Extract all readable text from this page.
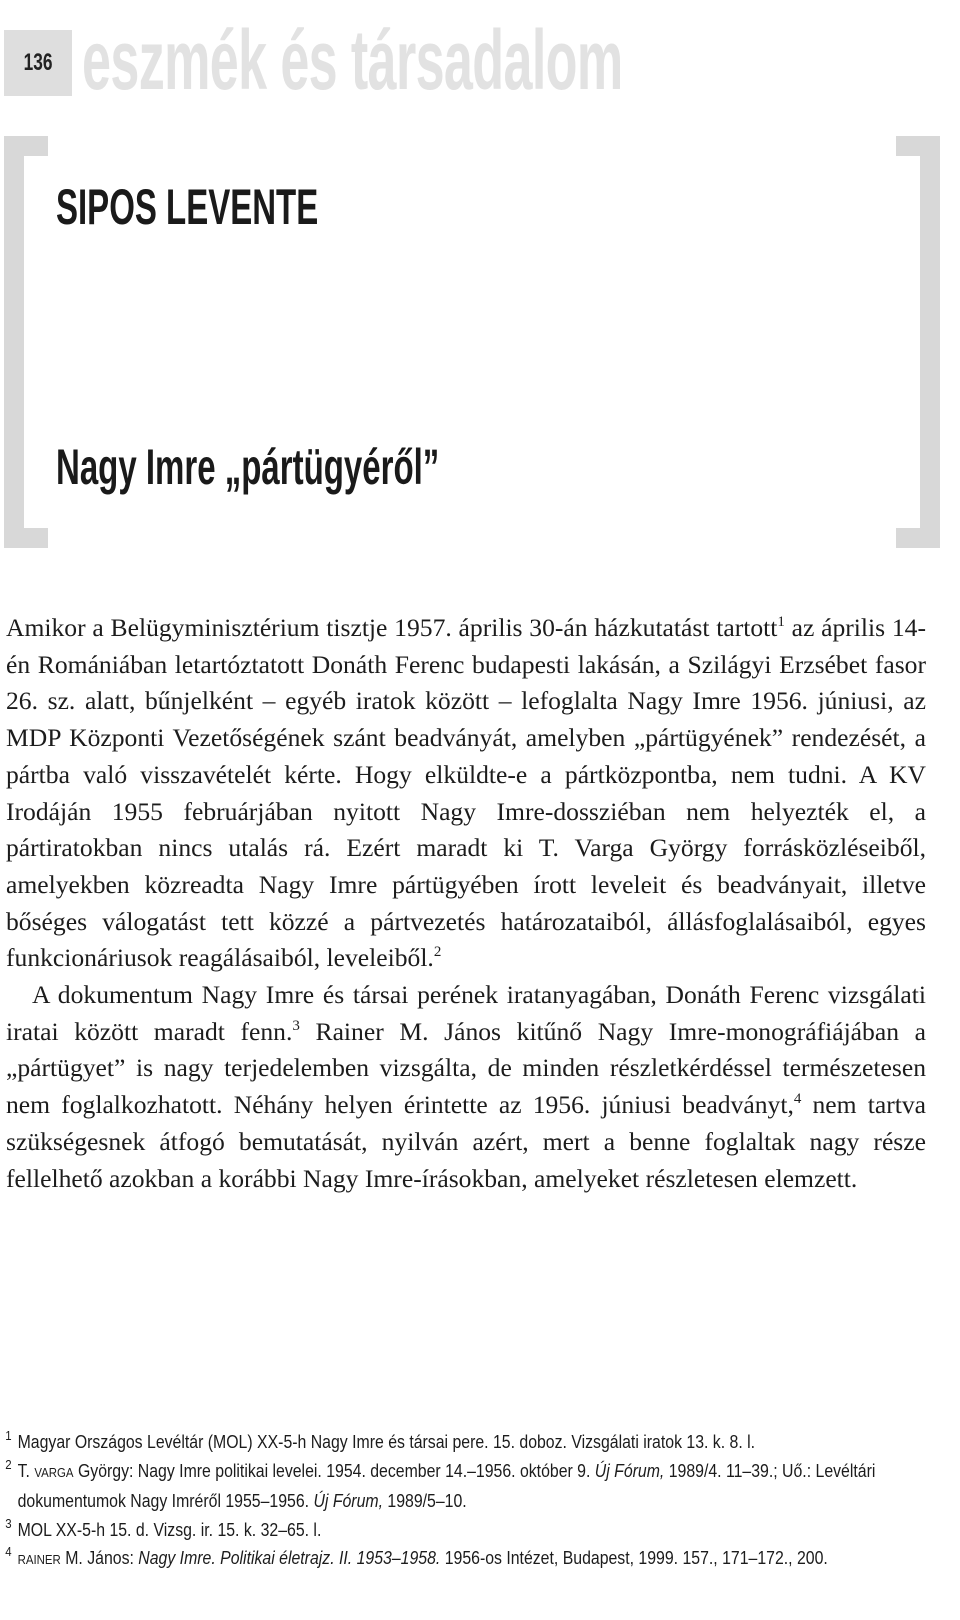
136 eszmék és társadalom
SIPOS LEVENTE
Nagy Imre „pártügyéről”

Amikor a Belügyminisztérium tisztje 1957. április 30-án házkutatást tartott$^1$ az április 14-én Romániában letartóztatott Donáth Ferenc budapesti lakásán, a Szilágyi Erzsébet fasor 26. sz. alatt, bűnjelként – egyéb iratok között – lefoglalta Nagy Imre 1956. júniusi, az MDP Központi Vezetőségének szánt beadványát, amelyben „pártügyének” rendezését, a pártba való visszavételét kérte. Hogy elküldte-e a pártközpontba, nem tudni. A KV Irodáján 1955 februárjában nyitott Nagy Imre-dossziéban nem helyezték el, a pártiratokban nincs utalás rá. Ezért maradt ki T. Varga György forrásközléseiből, amelyekben közreadta Nagy Imre pártügyében írott leveleit és beadványait, illetve bőséges válogatást tett közzé a pártvezetés határozataiból, állásfoglalásaiból, egyes funkcionáriusok reagálásaiból, leveleiből.$^2$

A dokumentum Nagy Imre és társai perének iratanyagában, Donáth Ferenc vizsgálati iratai között maradt fenn.$^3$ Rainer M. János kitűnő Nagy Imre-monográfiájában a „pártügyet” is nagy terjedelemben vizsgálta, de minden részletkérdéssel természetesen nem foglalkozhatott. Néhány helyen érintette az 1956. júniusi beadványt,$^4$ nem tartva szükségesnek átfogó bemutatását, nyilván azért, mert a benne foglaltak nagy része fellelhető azokban a korábbi Nagy Imre-írásokban, amelyeket részletesen elemzett.

1 Magyar Országos Levéltár (MOL) XX-5-h Nagy Imre és társai pere. 15. doboz. Vizsgálati iratok 13. k. 8. l.

2 T. VARGA György: Nagy Imre politikai levelei. 1954. december 14.–1956. október 9. Új Fórum, 1989/4. 11–39.; Uő.: Levéltári dokumentumok Nagy Imréről 1955–1956. Új Fórum, 1989/5–10.

3 MOL XX-5-h 15. d. Vizsg. ir. 15. k. 32–65. l.

4
RAINER M. János: Nagy Imre. Politikai életrajz. II. 1953–1958. 1956-os Intézet, Budapest, 1999. 157., 171–172., 200.
